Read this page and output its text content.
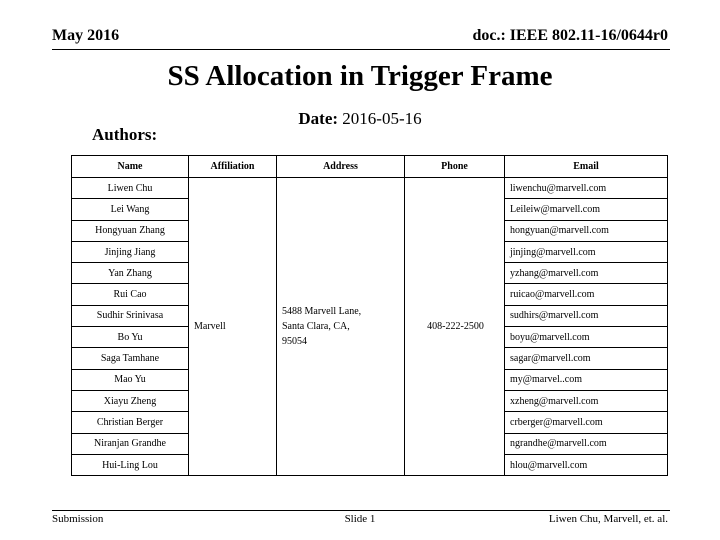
May 2016	doc.: IEEE 802.11-16/0644r0
SS Allocation in Trigger Frame
Date: 2016-05-16
Authors:
Name	Affiliation	Address	Phone	Email
Liwen Chu	Marvell	5488 Marvell Lane,
Santa Clara, CA,
95054	408-222-2500	liwenchu@marvell.com
Lei Wang				Leileiw@marvell.com
Hongyuan Zhang				hongyuan@marvell.com
Jinjing Jiang				jinjing@marvell.com
Yan Zhang				yzhang@marvell.com
Rui Cao				ruicao@marvell.com
Sudhir Srinivasa				sudhirs@marvell.com
Bo Yu				boyu@marvell.com
Saga Tamhane				sagar@marvell.com
Mao Yu				my@marvel..com
Xiayu Zheng				xzheng@marvell.com
Christian Berger				crberger@marvell.com
Niranjan Grandhe				ngrandhe@marvell.com
Hui-Ling Lou				hlou@marvell.com
Submission	Slide 1	Liwen Chu, Marvell, et. al.
